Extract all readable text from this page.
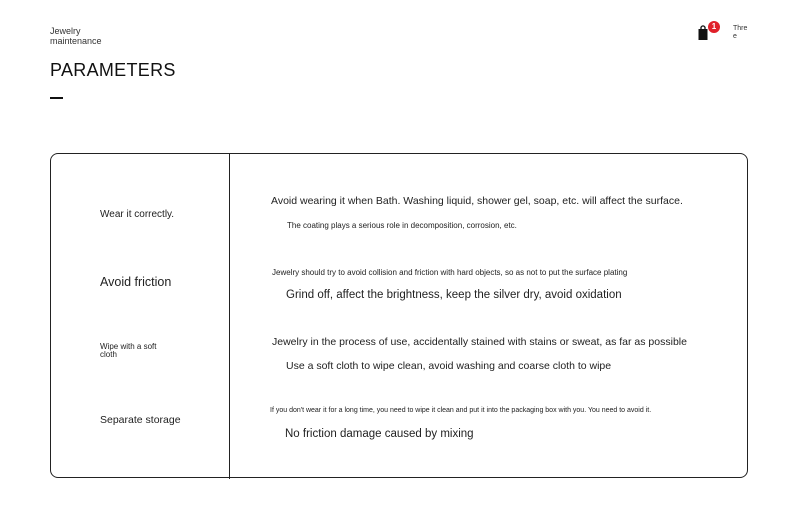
Jewelry maintenance
1	Three
PARAMETERS
Wear it correctly.
Avoid wearing it when Bath. Washing liquid, shower gel, soap, etc. will affect the surface.
The coating plays a serious role in decomposition, corrosion, etc.
Avoid friction
Jewelry should try to avoid collision and friction with hard objects, so as not to put the surface plating
Grind off, affect the brightness, keep the silver dry, avoid oxidation
Wipe with a soft cloth
Jewelry in the process of use, accidentally stained with stains or sweat, as far as possible
Use a soft cloth to wipe clean, avoid washing and coarse cloth to wipe
Separate storage
If you don't wear it for a long time, you need to wipe it clean and put it into the packaging box with you. You need to avoid it.
No friction damage caused by mixing
